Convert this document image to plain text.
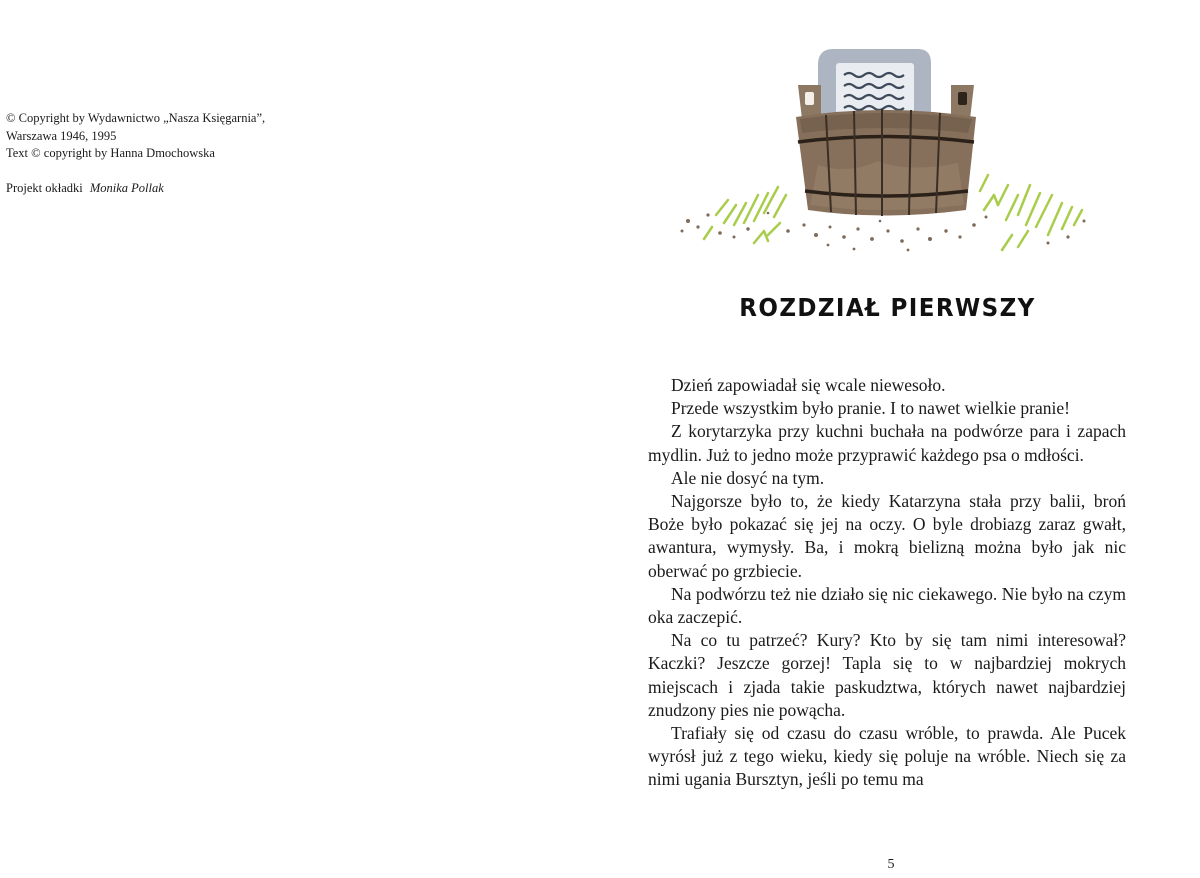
© Copyright by Wydawnictwo „Nasza Księgarnia”,
Warszawa 1946, 1995
Text © copyright by Hanna Dmochowska
Projekt okładki Monika Pollak
ROZDZIAŁ PIERWSZY

Dzień zapowiadał się wcale niewesoło.

Przede wszystkim było pranie. I to nawet wielkie pranie!

Z korytarzyka przy kuchni buchała na podwórze para i zapach mydlin. Już to jedno może przyprawić każdego psa o mdłości.

Ale nie dosyć na tym.

Najgorsze było to, że kiedy Katarzyna stała przy balii, broń Boże było pokazać się jej na oczy. O byle drobiazg zaraz gwałt, awantura, wymysły. Ba, i mokrą bielizną można było jak nic oberwać po grzbiecie.

Na podwórzu też nie działo się nic ciekawego. Nie było na czym oka zaczepić.

Na co tu patrzeć? Kury? Kto by się tam nimi interesował? Kaczki? Jeszcze gorzej! Tapla się to w najbardziej mokrych miejscach i zjada takie paskudztwa, których nawet najbardziej znudzony pies nie powącha.

Trafiały się od czasu do czasu wróble, to prawda. Ale Pucek wyrósł już z tego wieku, kiedy się poluje na wróble. Niech się za nimi ugania Bursztyn, jeśli po temu ma

5
